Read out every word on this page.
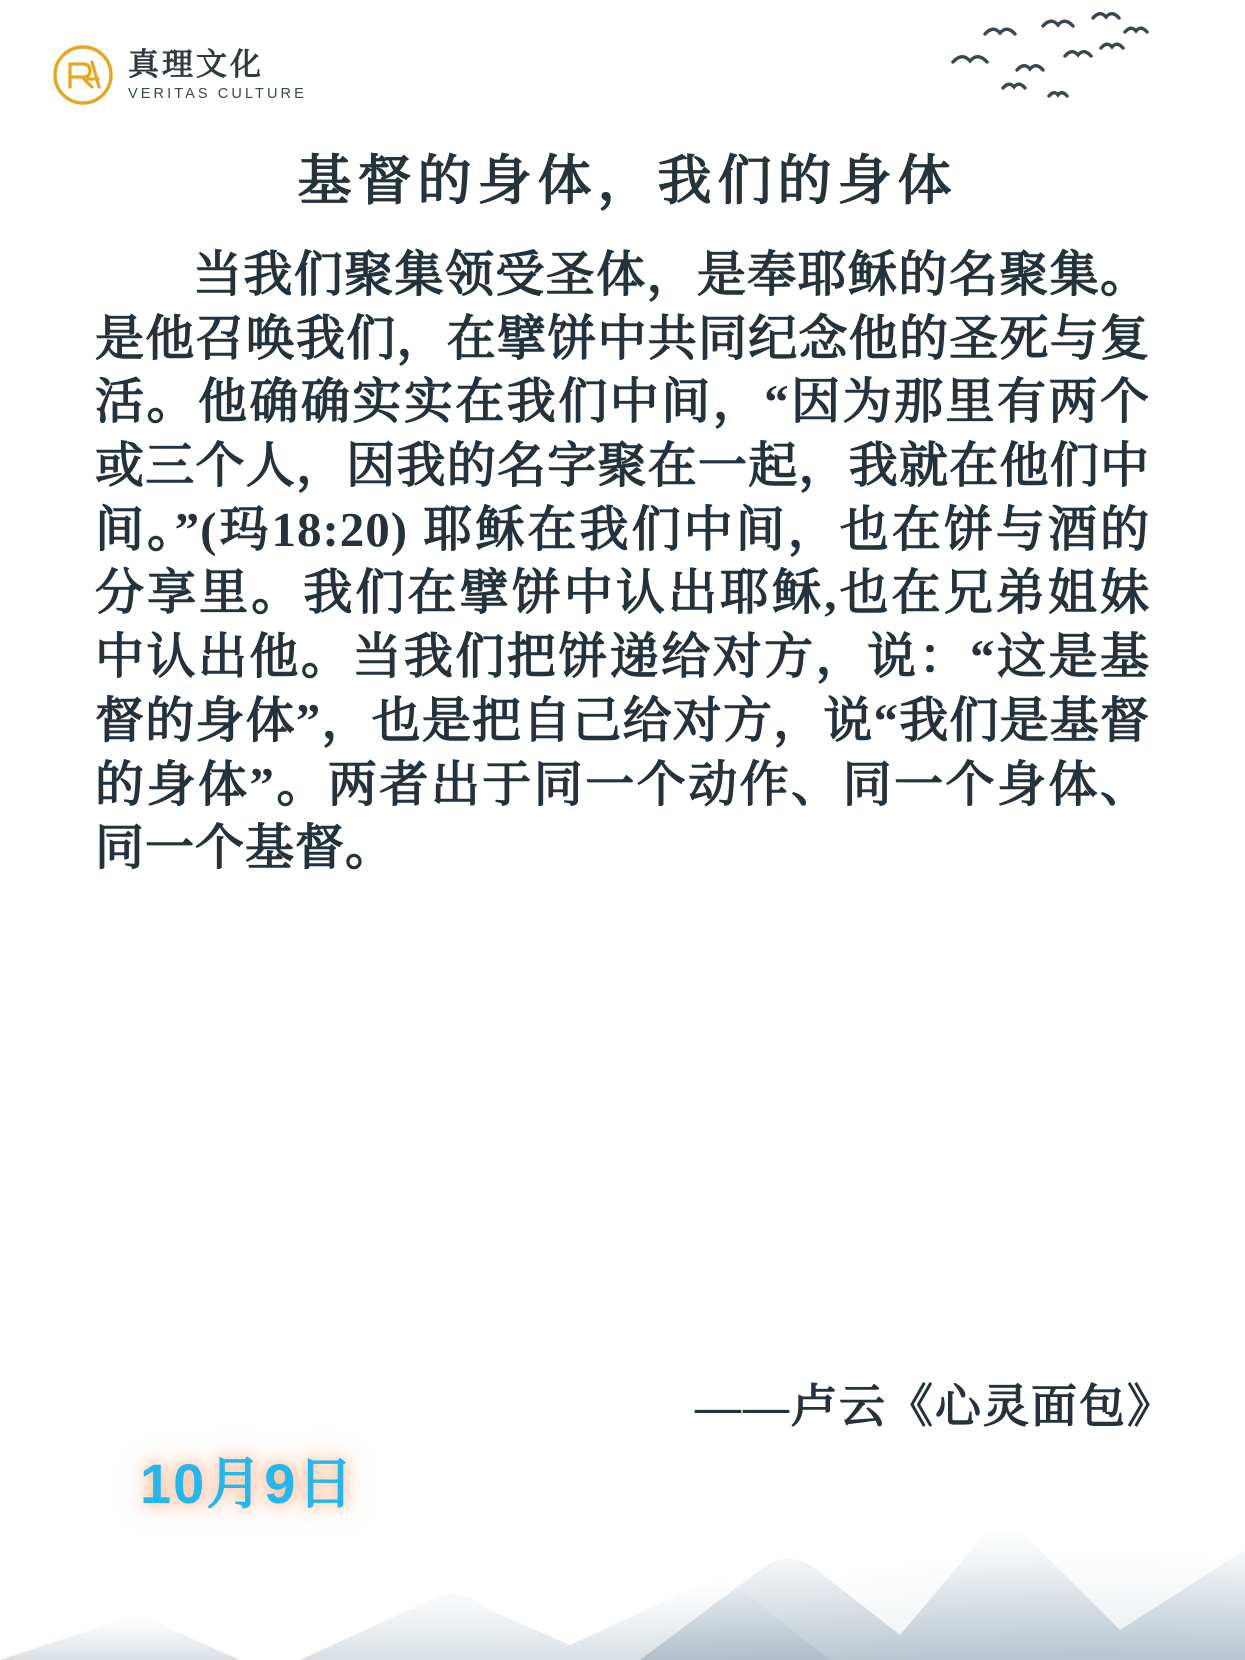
真理文化
VERITAS CULTURE
基督的身体，我们的身体

当我们聚集领受圣体，是奉耶稣的名聚集。是他召唤我们，在擘饼中共同纪念他的圣死与复活。他确确实实在我们中间，“因为那里有两个或三个人，因我的名字聚在一起，我就在他们中间。”(玛18:20) 耶稣在我们中间，也在饼与酒的分享里。我们在擘饼中认出耶稣,也在兄弟姐妹中认出他。当我们把饼递给对方，说：“这是基督的身体”，也是把自己给对方，说“我们是基督的身体”。两者出于同一个动作、同一个身体、同一个基督。

——卢云《心灵面包》
10月9日
